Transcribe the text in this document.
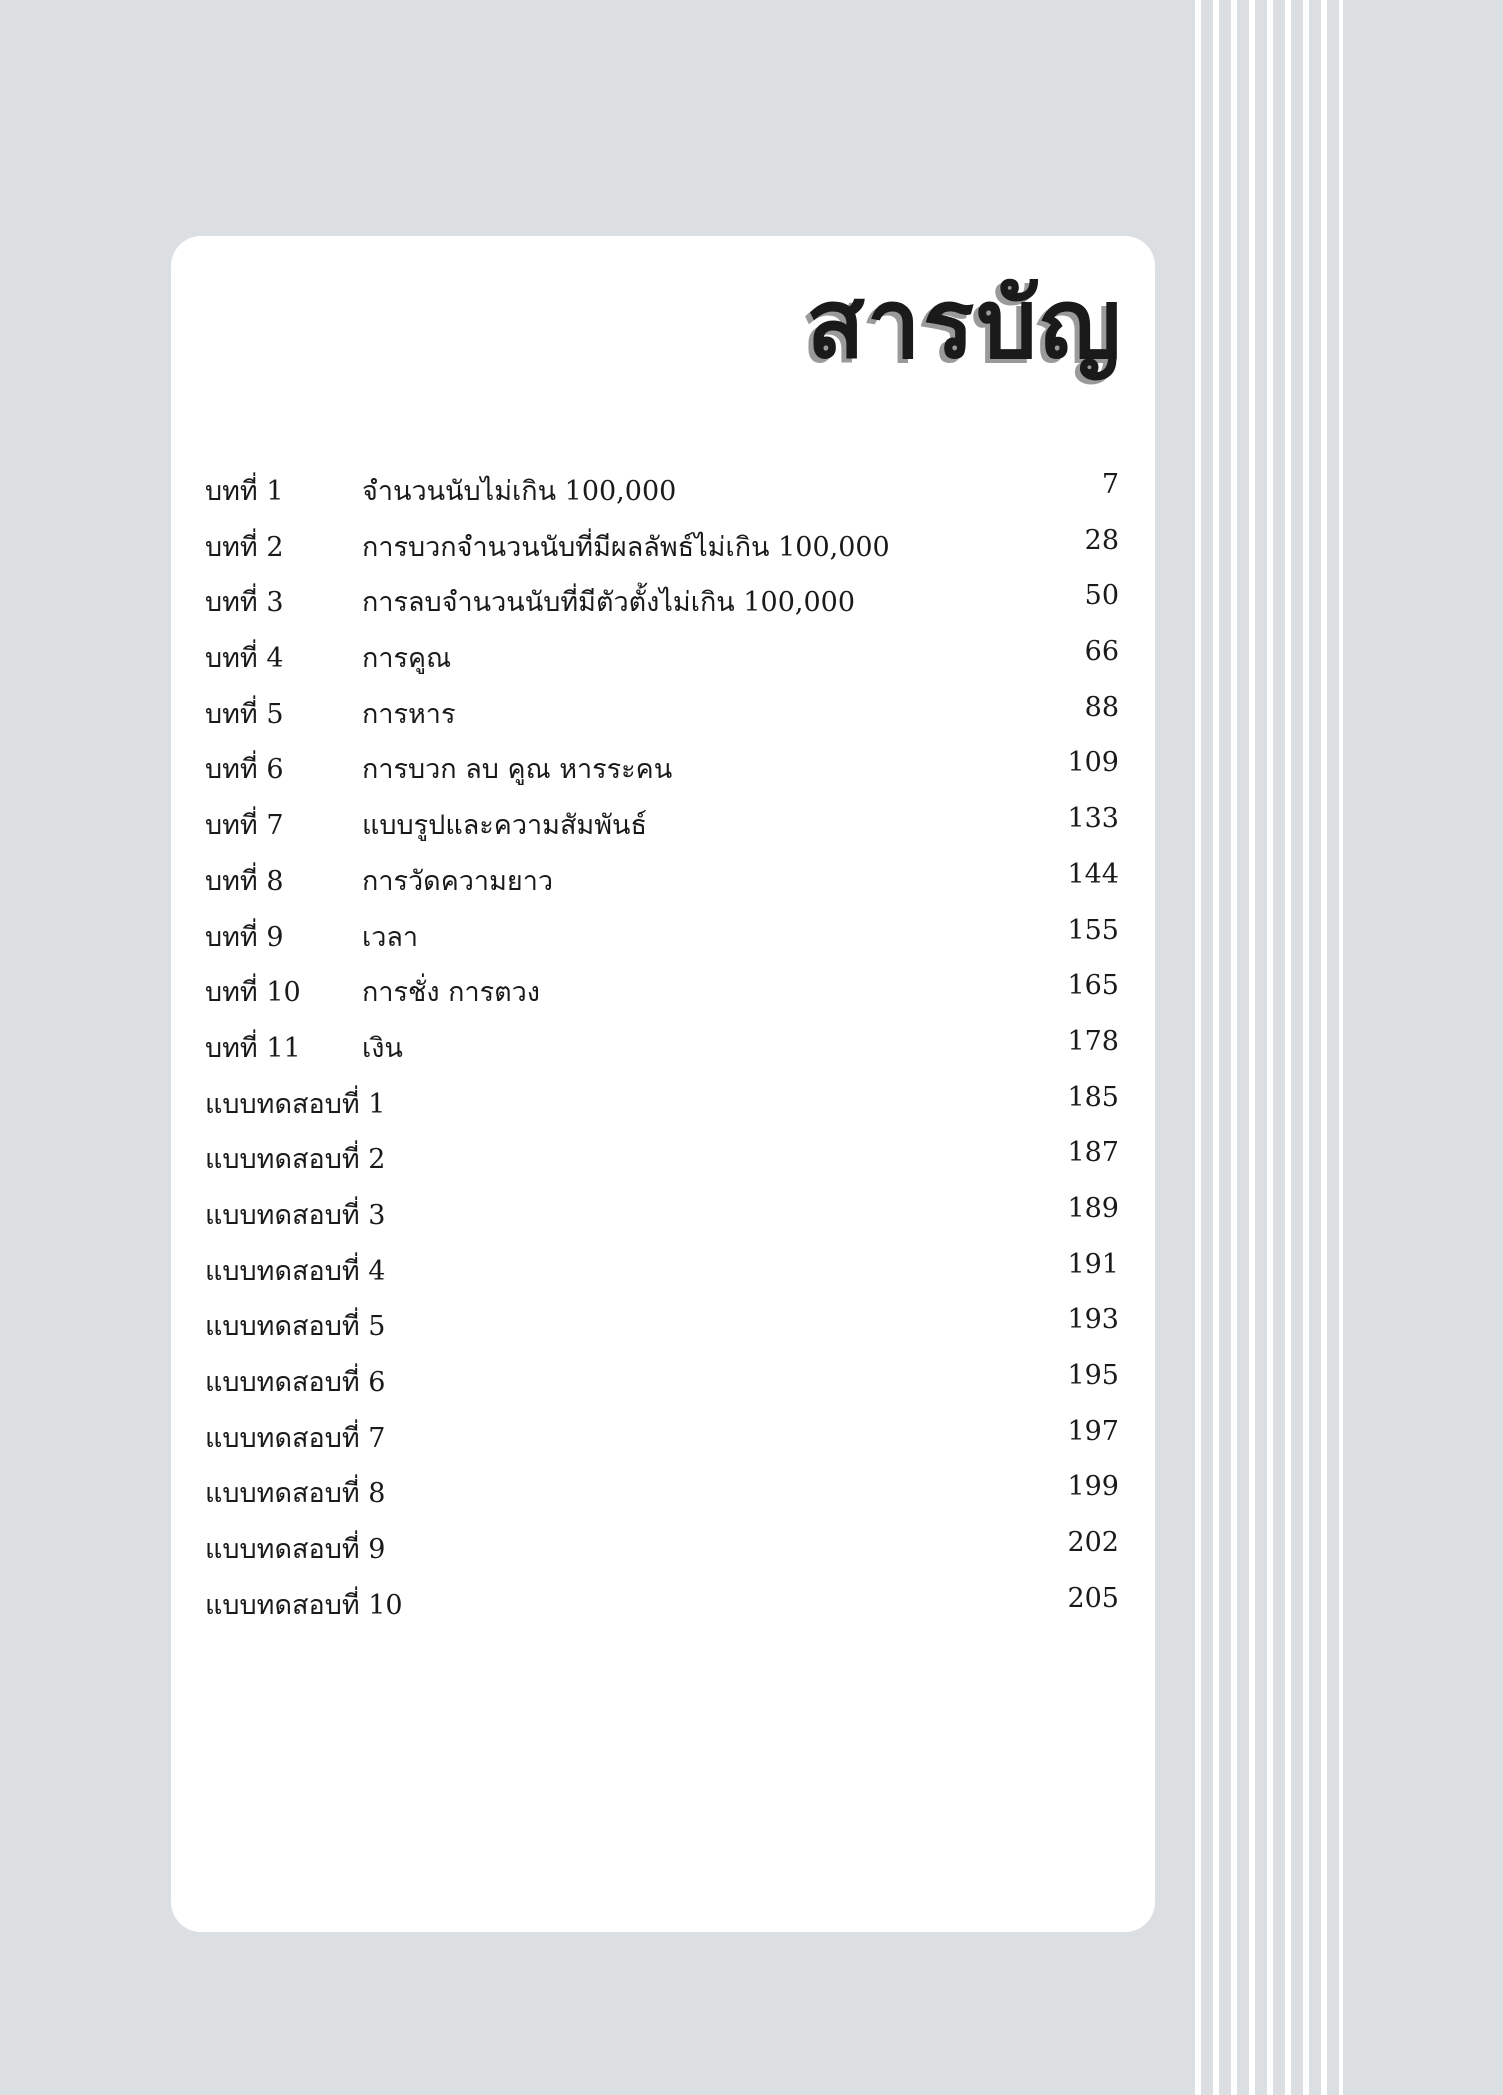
สารบัญ
บทที่ 1	จำนวนนับไม่เกิน 100,000	7
บทที่ 2	การบวกจำนวนนับที่มีผลลัพธ์ไม่เกิน 100,000	28
บทที่ 3	การลบจำนวนนับที่มีตัวตั้งไม่เกิน 100,000	50
บทที่ 4	การคูณ	66
บทที่ 5	การหาร	88
บทที่ 6	การบวก ลบ คูณ หารระคน	109
บทที่ 7	แบบรูปและความสัมพันธ์	133
บทที่ 8	การวัดความยาว	144
บทที่ 9	เวลา	155
บทที่ 10 การชั่ง การตวง	165
บทที่ 11 เงิน	178
แบบทดสอบที่ 1	185
แบบทดสอบที่ 2	187
แบบทดสอบที่ 3	189
แบบทดสอบที่ 4	191
แบบทดสอบที่ 5	193
แบบทดสอบที่ 6	195
แบบทดสอบที่ 7	197
แบบทดสอบที่ 8	199
แบบทดสอบที่ 9	202
แบบทดสอบที่ 10	205
